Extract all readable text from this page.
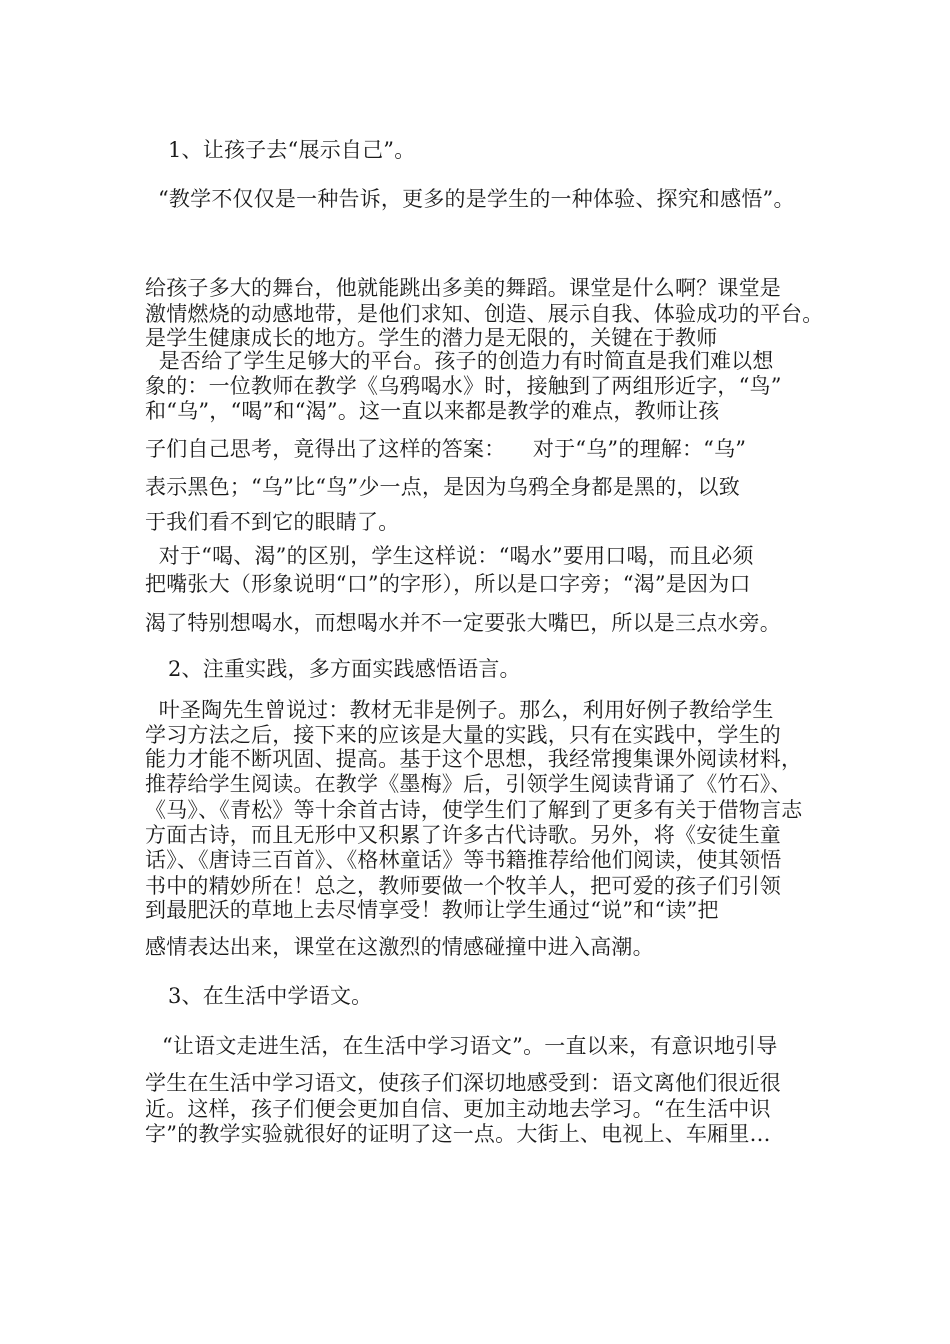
1、让孩子去“展示自己”。

“教学不仅仅是一种告诉，更多的是学生的一种体验、探究和感悟”。

给孩子多大的舞台，他就能跳出多美的舞蹈。课堂是什么啊？课堂是

激情燃烧的动感地带，是他们求知、创造、展示自我、体验成功的平台。

是学生健康成长的地方。学生的潜力是无限的，关键在于教师

是否给了学生足够大的平台。孩子的创造力有时简直是我们难以想

象的：一位教师在教学《乌鸦喝水》时，接触到了两组形近字，“鸟”

和“乌”，“喝”和“渴”。这一直以来都是教学的难点，教师让孩

子们自己思考，竟得出了这样的答案：    对于“乌”的理解：“乌”

表示黑色；“乌”比“鸟”少一点，是因为乌鸦全身都是黑的，以致

于我们看不到它的眼睛了。

对于“喝、渴”的区别，学生这样说：“喝水”要用口喝，而且必须

把嘴张大（形象说明“口”的字形），所以是口字旁；“渴”是因为口

渴了特别想喝水，而想喝水并不一定要张大嘴巴，所以是三点水旁。

2、注重实践，多方面实践感悟语言。

叶圣陶先生曾说过：教材无非是例子。那么，利用好例子教给学生

学习方法之后，接下来的应该是大量的实践，只有在实践中，学生的

能力才能不断巩固、提高。基于这个思想，我经常搜集课外阅读材料，

推荐给学生阅读。在教学《墨梅》后，引领学生阅读背诵了《竹石》、

《马》、《青松》等十余首古诗，使学生们了解到了更多有关于借物言志

方面古诗，而且无形中又积累了许多古代诗歌。另外，将《安徒生童

话》、《唐诗三百首》、《格林童话》等书籍推荐给他们阅读，使其领悟

书中的精妙所在！总之，教师要做一个牧羊人，把可爱的孩子们引领

到最肥沃的草地上去尽情享受！教师让学生通过“说”和“读”把

感情表达出来，课堂在这激烈的情感碰撞中进入高潮。

3、在生活中学语文。

“让语文走进生活，在生活中学习语文”。一直以来，有意识地引导

学生在生活中学习语文，使孩子们深切地感受到：语文离他们很近很

近。这样，孩子们便会更加自信、更加主动地去学习。“在生活中识

字”的教学实验就很好的证明了这一点。大街上、电视上、车厢里…
